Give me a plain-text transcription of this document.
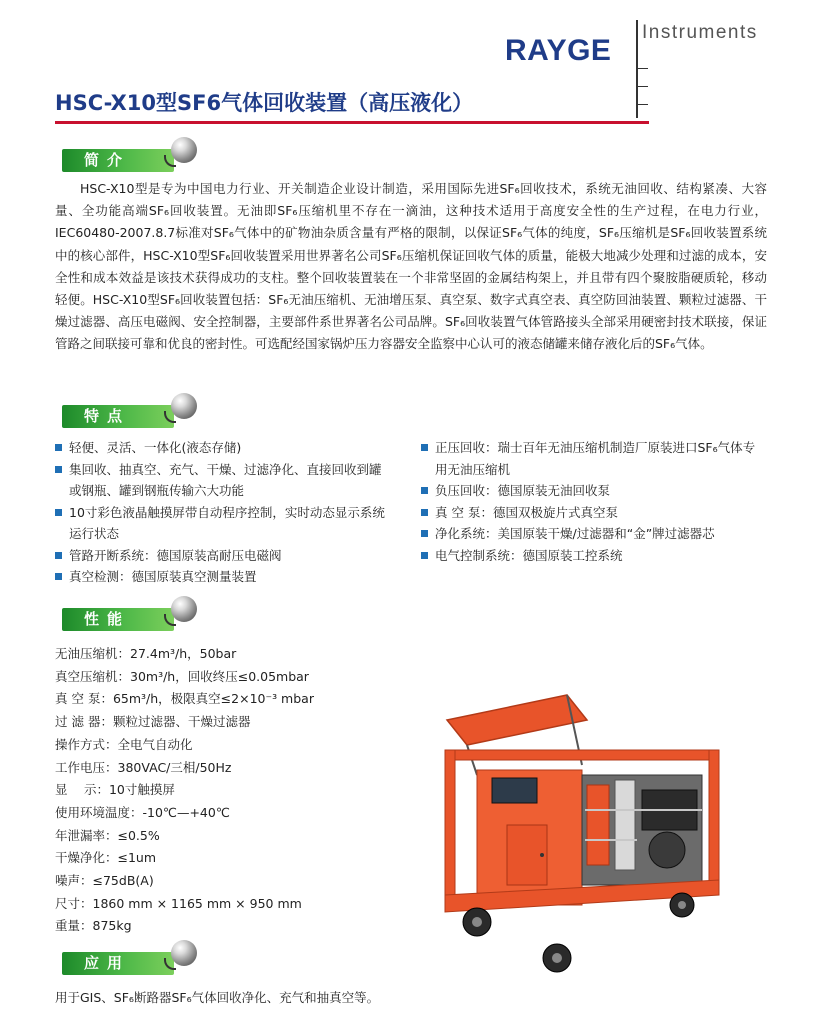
RAYGE
Instruments
HSC-X10型SF6气体回收装置（高压液化）
简介
HSC-X10型是专为中国电力行业、开关制造企业设计制造，采用国际先进SF₆回收技术，系统无油回收、结构紧凑、大容量、全功能高端SF₆回收装置。无油即SF₆压缩机里不存在一滴油，这种技术适用于高度安全性的生产过程，在电力行业，IEC60480-2007.8.7标准对SF₆气体中的矿物油杂质含量有严格的限制，以保证SF₆气体的纯度，SF₆压缩机是SF₆回收装置系统中的核心部件，HSC-X10型SF₆回收装置采用世界著名公司SF₆压缩机保证回收气体的质量，能极大地减少处理和过滤的成本，安全性和成本效益是该技术获得成功的支柱。整个回收装置装在一个非常坚固的金属结构架上，并且带有四个聚胺脂硬质轮，移动轻便。HSC-X10型SF₆回收装置包括：SF₆无油压缩机、无油增压泵、真空泵、数字式真空表、真空防回油装置、颗粒过滤器、干燥过滤器、高压电磁阀、安全控制器，主要部件系世界著名公司品牌。SF₆回收装置气体管路接头全部采用硬密封技术联接，保证管路之间联接可靠和优良的密封性。可选配经国家锅炉压力容器安全监察中心认可的液态储罐来储存液化后的SF₆气体。
特点
轻便、灵活、一体化(液态存储)
集回收、抽真空、充气、干燥、过滤净化、直接回收到罐或钢瓶、罐到钢瓶传输六大功能
10寸彩色液晶触摸屏带自动程序控制，实时动态显示系统运行状态
管路开断系统：德国原装高耐压电磁阀
真空检测：德国原装真空测量装置
正压回收：瑞士百年无油压缩机制造厂原装进口SF₆气体专用无油压缩机
负压回收：德国原装无油回收泵
真 空 泵：德国双极旋片式真空泵
净化系统：美国原装干燥/过滤器和“金”牌过滤器芯
电气控制系统：德国原装工控系统
性能
无油压缩机：27.4m³/h，50bar
真空压缩机：30m³/h，回收终压≤0.05mbar
真 空 泵：65m³/h，极限真空≤2×10⁻³ mbar
过 滤 器：颗粒过滤器、干燥过滤器
操作方式：全电气自动化
工作电压：380VAC/三相/50Hz
显　 示：10寸触摸屏
使用环境温度：-10℃—+40℃
年泄漏率：≤0.5%
干燥净化：≤1um
噪声：≤75dB(A)
尺寸：1860 mm × 1165 mm × 950 mm
重量：875kg
应用
用于GIS、SF₆断路器SF₆气体回收净化、充气和抽真空等。
